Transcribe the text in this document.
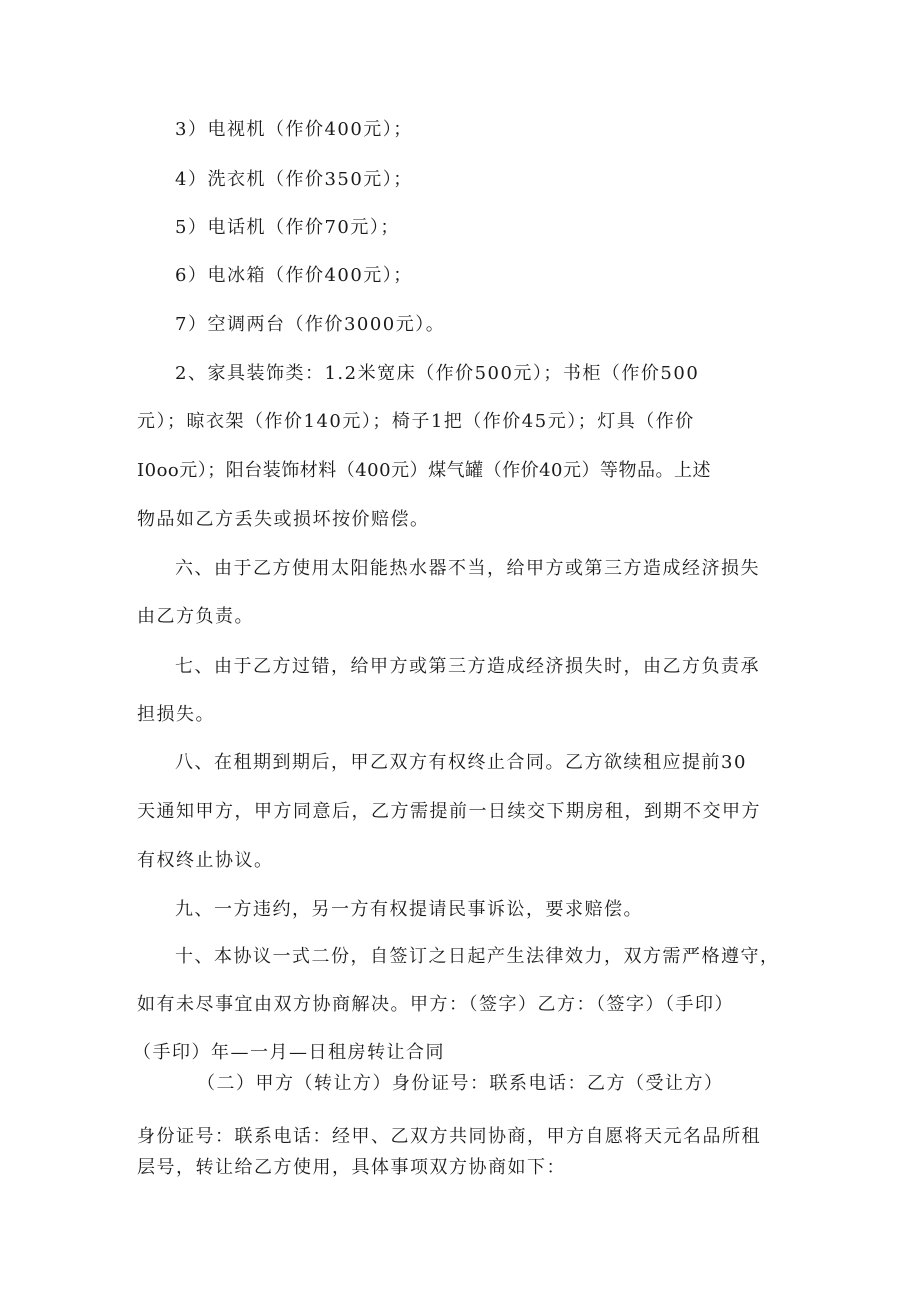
3）电视机（作价400元）；
4）洗衣机（作价350元）；
5）电话机（作价70元）；
6）电冰箱（作价400元）；
7）空调两台（作价3000元）。
2、家具装饰类：1.2米宽床（作价500元）；书柜（作价500
元）；晾衣架（作价140元）；椅子1把（作价45元）；灯具（作价
I0oo元）；阳台装饰材料（400元）煤气罐（作价40元）等物品。上述
物品如乙方丢失或损坏按价赔偿。
六、由于乙方使用太阳能热水器不当，给甲方或第三方造成经济损失
由乙方负责。
七、由于乙方过错，给甲方或第三方造成经济损失时，由乙方负责承
担损失。
八、在租期到期后，甲乙双方有权终止合同。乙方欲续租应提前30
天通知甲方，甲方同意后，乙方需提前一日续交下期房租，到期不交甲方
有权终止协议。
九、一方违约，另一方有权提请民事诉讼，要求赔偿。
十、本协议一式二份，自签订之日起产生法律效力，双方需严格遵守，
如有未尽事宜由双方协商解决。甲方：（签字）乙方：（签字）（手印）
（手印）年—一月—日租房转让合同
（二）甲方（转让方）身份证号：联系电话：乙方（受让方）
身份证号：联系电话：经甲、乙双方共同协商，甲方自愿将天元名品所租
层号，转让给乙方使用，具体事项双方协商如下：
